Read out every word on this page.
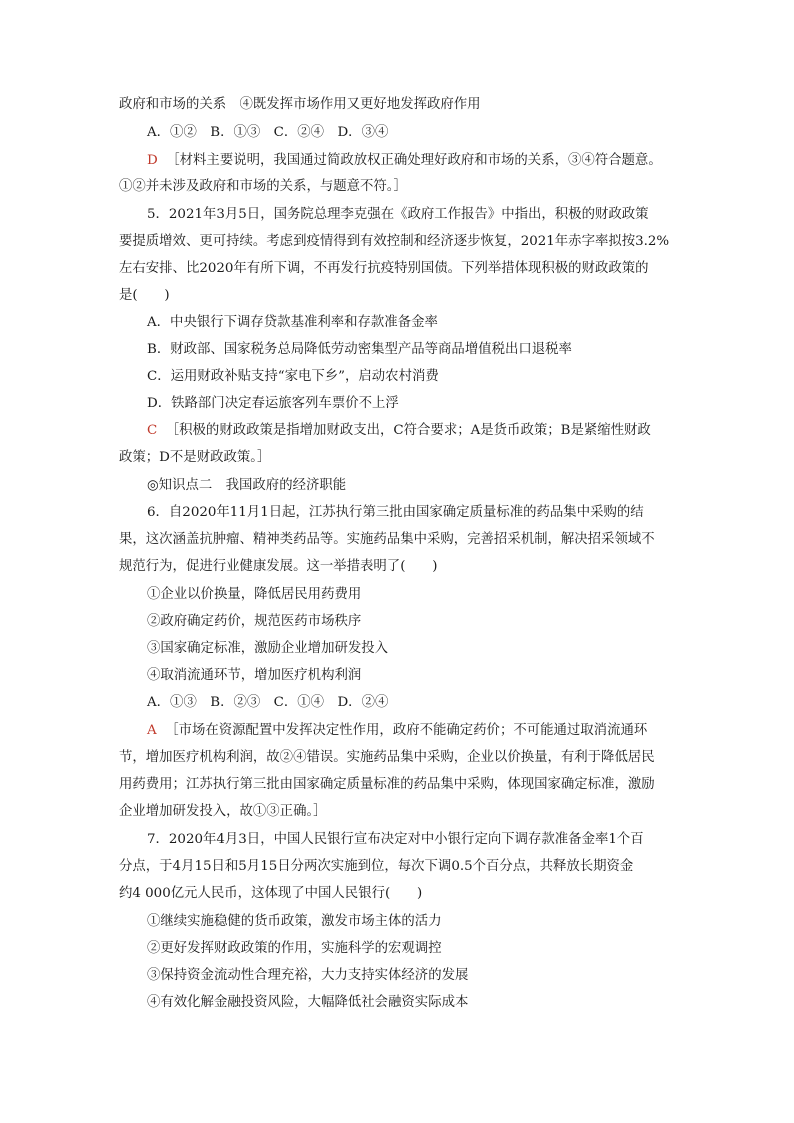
政府和市场的关系　④既发挥市场作用又更好地发挥政府作用
A．①②　B．①③　C．②④　D．③④
D ［材料主要说明，我国通过简政放权正确处理好政府和市场的关系，③④符合题意。
①②并未涉及政府和市场的关系，与题意不符。］
5．2021年3月5日，国务院总理李克强在《政府工作报告》中指出，积极的财政政策
要提质增效、更可持续。考虑到疫情得到有效控制和经济逐步恢复，2021年赤字率拟按3.2%
左右安排、比2020年有所下调，不再发行抗疫特别国债。下列举措体现积极的财政政策的
是(　　)
A．中央银行下调存贷款基准利率和存款准备金率
B．财政部、国家税务总局降低劳动密集型产品等商品增值税出口退税率
C．运用财政补贴支持“家电下乡”，启动农村消费
D．铁路部门决定春运旅客列车票价不上浮
C ［积极的财政政策是指增加财政支出，C符合要求；A是货币政策；B是紧缩性财政
政策；D不是财政政策。］
◎知识点二　我国政府的经济职能
6．自2020年11月1日起，江苏执行第三批由国家确定质量标准的药品集中采购的结
果，这次涵盖抗肿瘤、精神类药品等。实施药品集中采购，完善招采机制，解决招采领域不
规范行为，促进行业健康发展。这一举措表明了(　　)
①企业以价换量，降低居民用药费用
②政府确定药价，规范医药市场秩序
③国家确定标准，激励企业增加研发投入
④取消流通环节，增加医疗机构利润
A．①③　B．②③　C．①④　D．②④
A ［市场在资源配置中发挥决定性作用，政府不能确定药价；不可能通过取消流通环
节，增加医疗机构利润，故②④错误。实施药品集中采购，企业以价换量，有利于降低居民
用药费用；江苏执行第三批由国家确定质量标准的药品集中采购，体现国家确定标准，激励
企业增加研发投入，故①③正确。］
7．2020年4月3日，中国人民银行宣布决定对中小银行定向下调存款准备金率1个百
分点，于4月15日和5月15日分两次实施到位，每次下调0.5个百分点，共释放长期资金
约4 000亿元人民币，这体现了中国人民银行(　　)
①继续实施稳健的货币政策，激发市场主体的活力
②更好发挥财政政策的作用，实施科学的宏观调控
③保持资金流动性合理充裕，大力支持实体经济的发展
④有效化解金融投资风险，大幅降低社会融资实际成本
